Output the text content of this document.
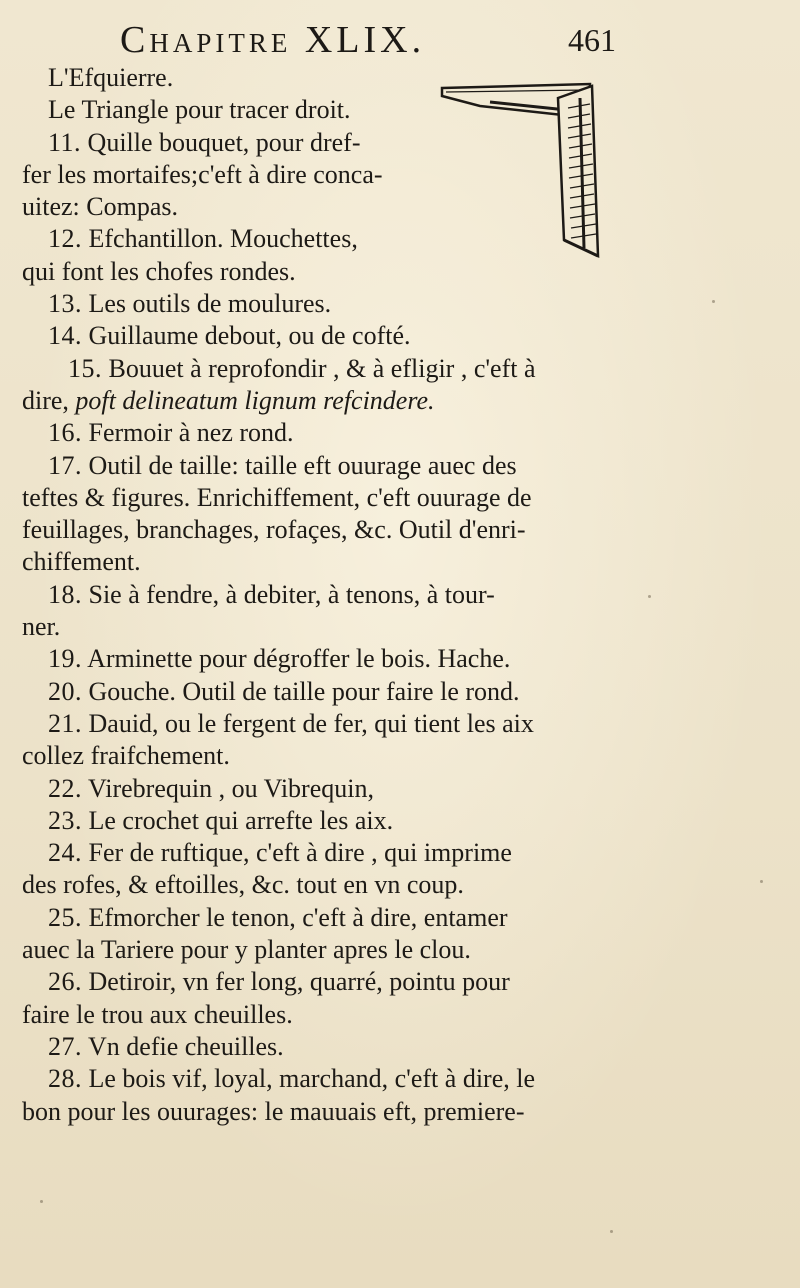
Chapitre XLIX.	461
L'Efquierre.
Le Triangle pour tracer droit.
11. Quille bouquet, pour dref-
fer les mortaifes;c'eft à dire conca-
uitez: Compas.
12. Efchantillon. Mouchettes,
qui font les chofes rondes.
13. Les outils de moulures.
14. Guillaume debout, ou de cofté.
15. Bouuet à reprofondir , & à efligir , c'eft à
dire, poft delineatum lignum refcindere.
16. Fermoir à nez rond.
17. Outil de taille: taille eft ouurage auec des
teftes & figures. Enrichiffement, c'eft ouurage de
feuillages, branchages, rofaçes, &c. Outil d'enri-
chiffement.
18. Sie à fendre, à debiter, à tenons, à tour-
ner.
19. Arminette pour dégroffer le bois. Hache.
20. Gouche. Outil de taille pour faire le rond.
21. Dauid, ou le fergent de fer, qui tient les aix
collez fraifchement.
22. Virebrequin , ou Vibrequin,
23. Le crochet qui arrefte les aix.
24. Fer de ruftique, c'eft à dire , qui imprime
des rofes, & eftoilles, &c. tout en vn coup.
25. Efmorcher le tenon, c'eft à dire, entamer
auec la Tariere pour y planter apres le clou.
26. Detiroir, vn fer long, quarré, pointu pour
faire le trou aux cheuilles.
27. Vn defie cheuilles.
28. Le bois vif, loyal, marchand, c'eft à dire, le
bon pour les ouurages: le mauuais eft, premiere-
